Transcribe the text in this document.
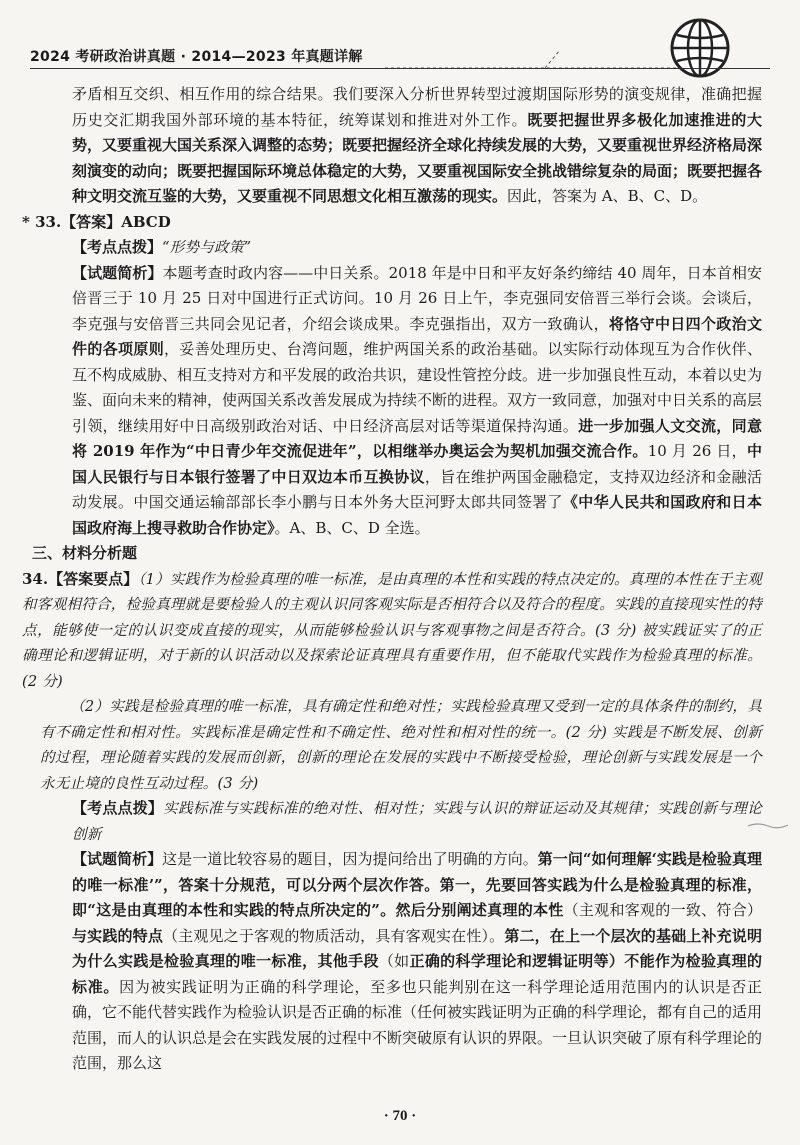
2024 考研政治讲真题 · 2014—2023 年真题详解

矛盾相互交织、相互作用的综合结果。我们要深入分析世界转型过渡期国际形势的演变规律，准确把握历史交汇期我国外部环境的基本特征，统筹谋划和推进对外工作。既要把握世界多极化加速推进的大势，又要重视大国关系深入调整的态势；既要把握经济全球化持续发展的大势，又要重视世界经济格局深刻演变的动向；既要把握国际环境总体稳定的大势，又要重视国际安全挑战错综复杂的局面；既要把握各种文明交流互鉴的大势，又要重视不同思想文化相互激荡的现实。因此，答案为 A、B、C、D。

* 33.【答案】ABCD

【考点点拨】“形势与政策”

【试题简析】本题考查时政内容——中日关系。2018 年是中日和平友好条约缔结 40 周年，日本首相安倍晋三于 10 月 25 日对中国进行正式访问。10 月 26 日上午，李克强同安倍晋三举行会谈。会谈后，李克强与安倍晋三共同会见记者，介绍会谈成果。李克强指出，双方一致确认，将恪守中日四个政治文件的各项原则，妥善处理历史、台湾问题，维护两国关系的政治基础。以实际行动体现互为合作伙伴、互不构成威胁、相互支持对方和平发展的政治共识，建设性管控分歧。进一步加强良性互动，本着以史为鉴、面向未来的精神，使两国关系改善发展成为持续不断的进程。双方一致同意，加强对中日关系的高层引领，继续用好中日高级别政治对话、中日经济高层对话等渠道保持沟通。进一步加强人文交流，同意将 2019 年作为“中日青少年交流促进年”，以相继举办奥运会为契机加强交流合作。10 月 26 日，中国人民银行与日本银行签署了中日双边本币互换协议，旨在维护两国金融稳定，支持双边经济和金融活动发展。中国交通运输部部长李小鹏与日本外务大臣河野太郎共同签署了《中华人民共和国政府和日本国政府海上搜寻救助合作协定》。A、B、C、D 全选。

三、材料分析题

34.【答案要点】（1）实践作为检验真理的唯一标准，是由真理的本性和实践的特点决定的。真理的本性在于主观和客观相符合，检验真理就是要检验人的主观认识同客观实际是否相符合以及符合的程度。实践的直接现实性的特点，能够使一定的认识变成直接的现实，从而能够检验认识与客观事物之间是否符合。(3 分) 被实践证实了的正确理论和逻辑证明，对于新的认识活动以及探索论证真理具有重要作用，但不能取代实践作为检验真理的标准。(2 分)

（2）实践是检验真理的唯一标准，具有确定性和绝对性；实践检验真理又受到一定的具体条件的制约，具有不确定性和相对性。实践标准是确定性和不确定性、绝对性和相对性的统一。(2 分) 实践是不断发展、创新的过程，理论随着实践的发展而创新，创新的理论在发展的实践中不断接受检验，理论创新与实践发展是一个永无止境的良性互动过程。(3 分)

【考点点拨】实践标准与实践标准的绝对性、相对性；实践与认识的辩证运动及其规律；实践创新与理论创新

【试题简析】这是一道比较容易的题目，因为提问给出了明确的方向。第一问“如何理解‘实践是检验真理的唯一标准’”，答案十分规范，可以分两个层次作答。第一，先要回答实践为什么是检验真理的标准，即“这是由真理的本性和实践的特点所决定的”。然后分别阐述真理的本性（主观和客观的一致、符合）与实践的特点（主观见之于客观的物质活动，具有客观实在性）。第二，在上一个层次的基础上补充说明为什么实践是检验真理的唯一标准，其他手段（如正确的科学理论和逻辑证明等）不能作为检验真理的标准。因为被实践证明为正确的科学理论，至多也只能判别在这一科学理论适用范围内的认识是否正确，它不能代替实践作为检验认识是否正确的标准（任何被实践证明为正确的科学理论，都有自己的适用范围，而人的认识总是会在实践发展的过程中不断突破原有认识的界限。一旦认识突破了原有科学理论的范围，那么这

· 70 ·
